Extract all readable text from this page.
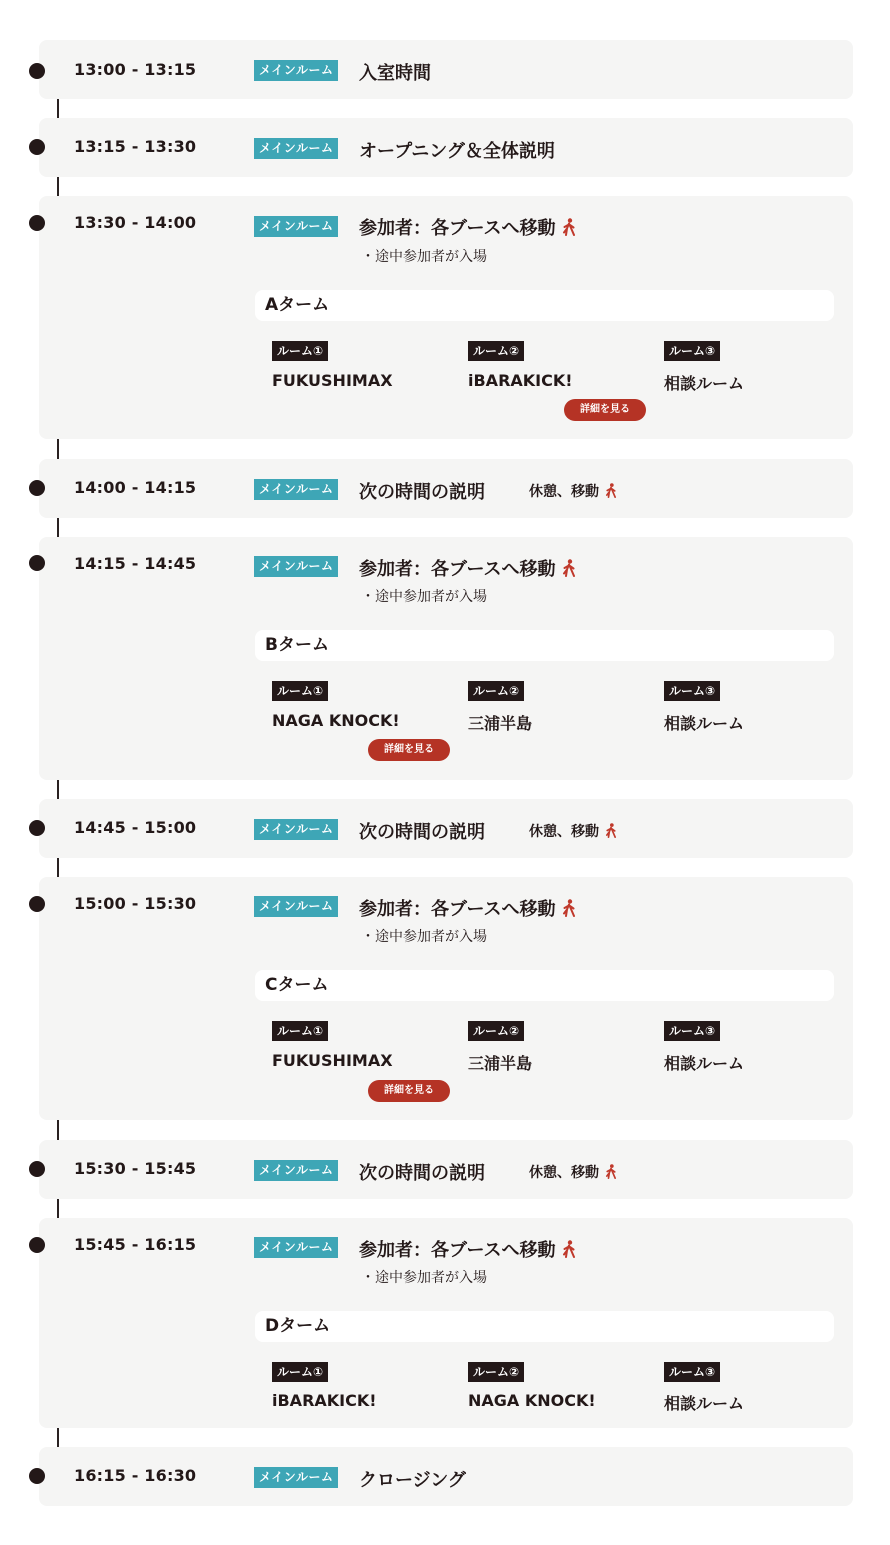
13:00 - 13:15	メインルーム 入室時間
13:15 - 13:30	メインルーム オープニング＆全体説明
13:30 - 14:00	メインルーム 参加者：各ブースへ移動
・途中参加者が入場
Aターム
ルーム①	ルーム②	ルーム③
FUKUSHIMAX	iBARAKICK!	相談ルーム
詳細を見る
14:00 - 14:15	メインルーム 次の時間の説明	休憩、移動
14:15 - 14:45	メインルーム 参加者：各ブースへ移動
・途中参加者が入場
Bターム
ルーム①	ルーム②	ルーム③
NAGA KNOCK!	三浦半島	相談ルーム
詳細を見る
14:45 - 15:00	メインルーム 次の時間の説明	休憩、移動
15:00 - 15:30	メインルーム 参加者：各ブースへ移動
・途中参加者が入場
Cターム
ルーム①	ルーム②	ルーム③
FUKUSHIMAX	三浦半島	相談ルーム
詳細を見る
15:30 - 15:45	メインルーム 次の時間の説明	休憩、移動
15:45 - 16:15	メインルーム 参加者：各ブースへ移動
・途中参加者が入場
Dターム
ルーム①	ルーム②	ルーム③
iBARAKICK!	NAGA KNOCK!	相談ルーム
16:15 - 16:30	メインルーム クロージング
